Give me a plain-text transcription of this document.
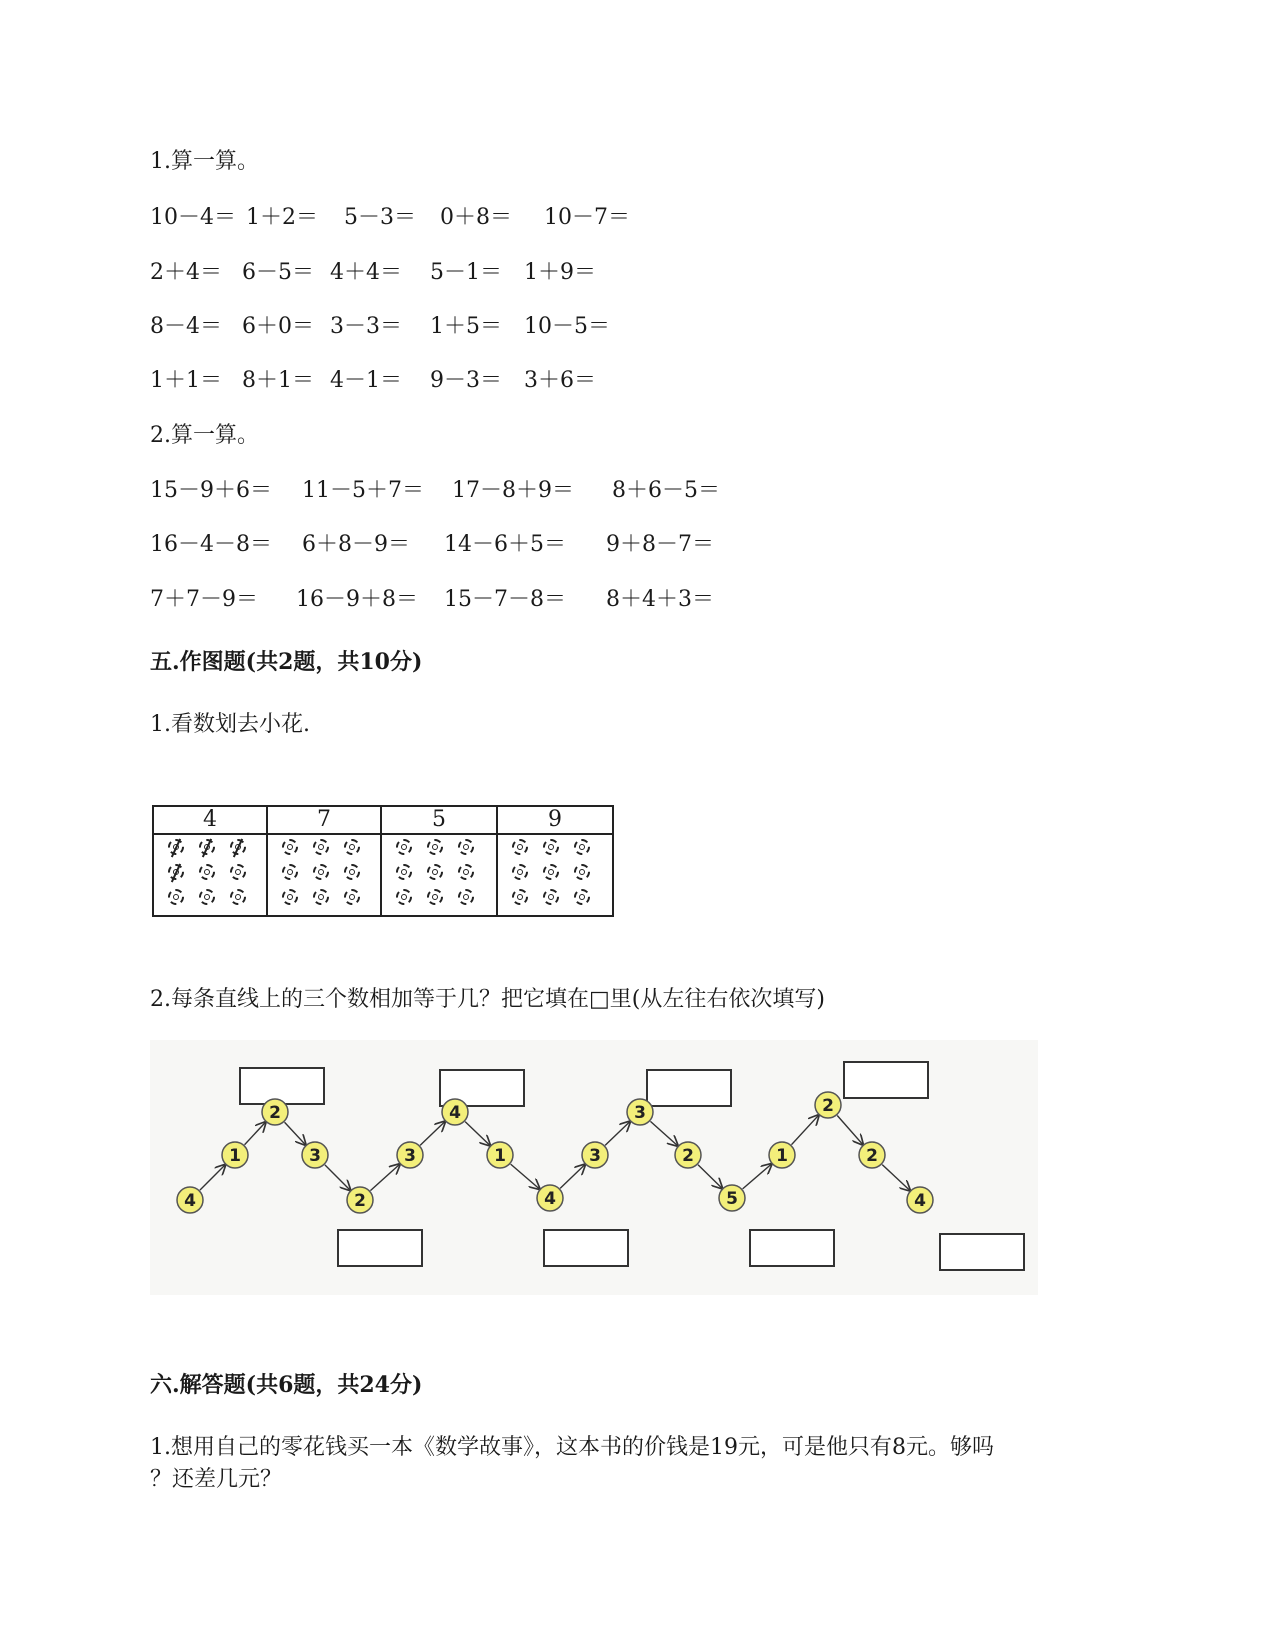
1.算一算。
10－4＝ 1＋2＝ 5－3＝ 0＋8＝ 10－7＝
2＋4＝ 6－5＝ 4＋4＝ 5－1＝ 1＋9＝
8－4＝ 6＋0＝ 3－3＝ 1＋5＝ 10－5＝
1＋1＝ 8＋1＝ 4－1＝ 9－3＝ 3＋6＝
2.算一算。
15－9＋6＝ 11－5＋7＝ 17－8＋9＝ 8＋6－5＝
16－4－8＝ 6＋8－9＝ 14－6＋5＝ 9＋8－7＝
7＋7－9＝ 16－9＋8＝ 15－7－8＝ 8＋4＋3＝
五.作图题(共2题，共10分)
1.看数划去小花.
4	7	5	9
2.每条直线上的三个数相加等于几？把它填在□里(从左往右依次填写)
4
1
2
3
2
3
4
1
4
3
3
2
5
1
2
2
4
六.解答题(共6题，共24分)
1.想用自己的零花钱买一本《数学故事》，这本书的价钱是19元，可是他只有8元。够吗
？还差几元？
